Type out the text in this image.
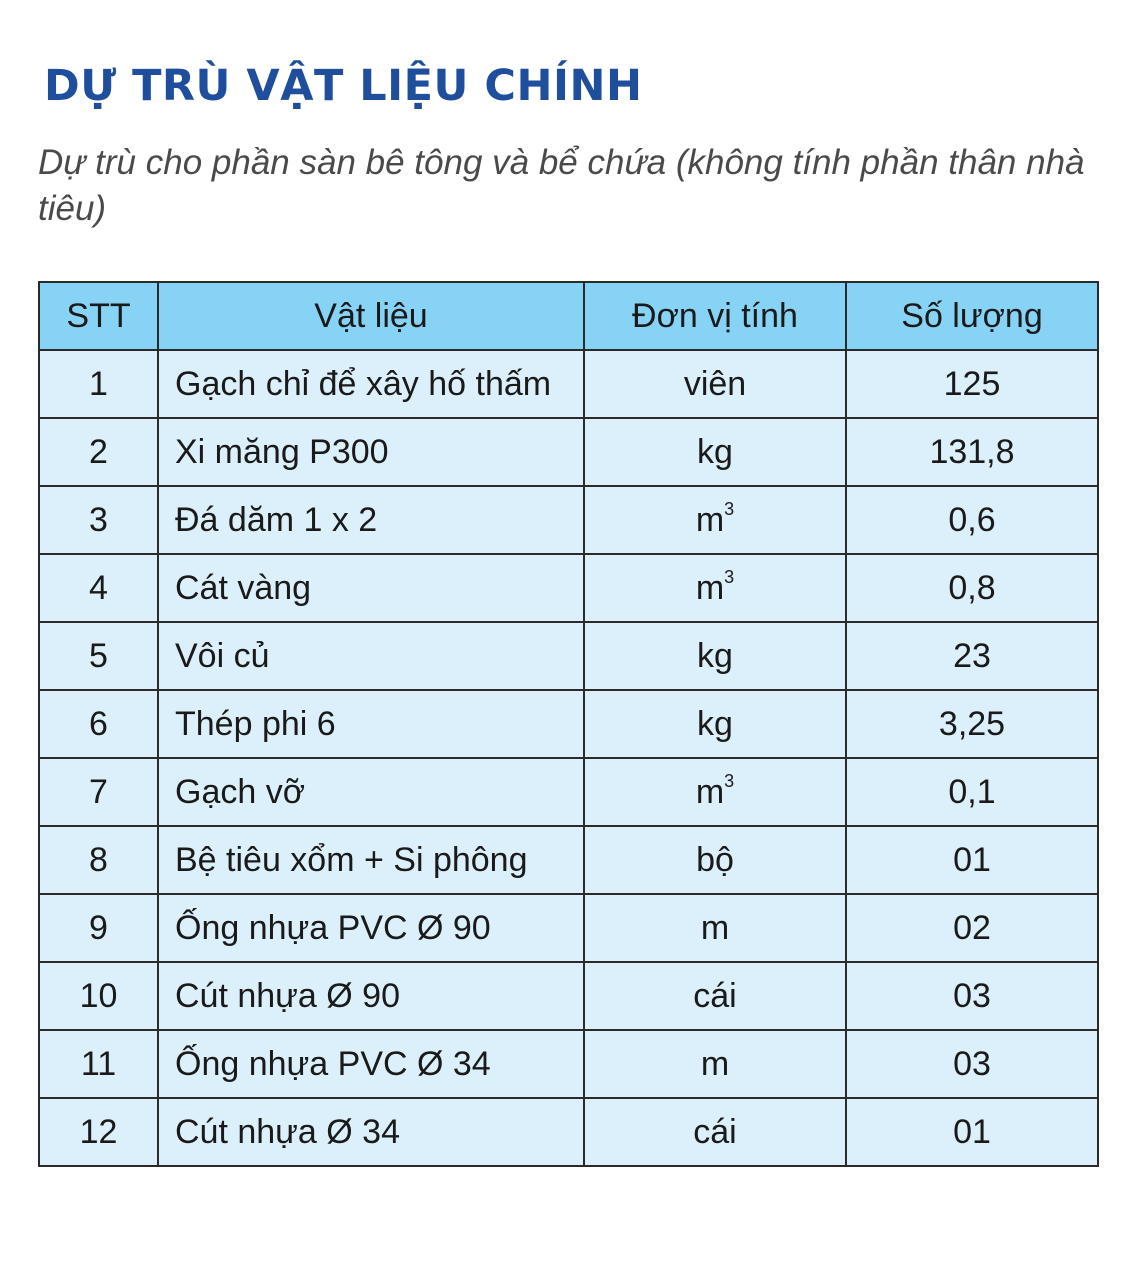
DỰ TRÙ VẬT LIỆU CHÍNH

Dự trù cho phần sàn bê tông và bể chứa (không tính phần thân nhà tiêu)

STT	Vật liệu	Đơn vị tính	Số lượng
1	Gạch chỉ để xây hố thấm	viên	125
2	Xi măng P300	kg	131,8
3	Đá dăm 1 x 2	$m^3$	0,6
4	Cát vàng	$m^3$	0,8
5	Vôi củ	kg	23
6	Thép phi 6	kg	3,25
7	Gạch vỡ	$m^3$	0,1
8	Bệ tiêu xổm + Si phông	bộ	01
9	Ống nhựa PVC Ø 90	m	02
10	Cút nhựa Ø 90	cái	03
11	Ống nhựa PVC Ø 34	m	03
12	Cút nhựa Ø 34	cái	01
